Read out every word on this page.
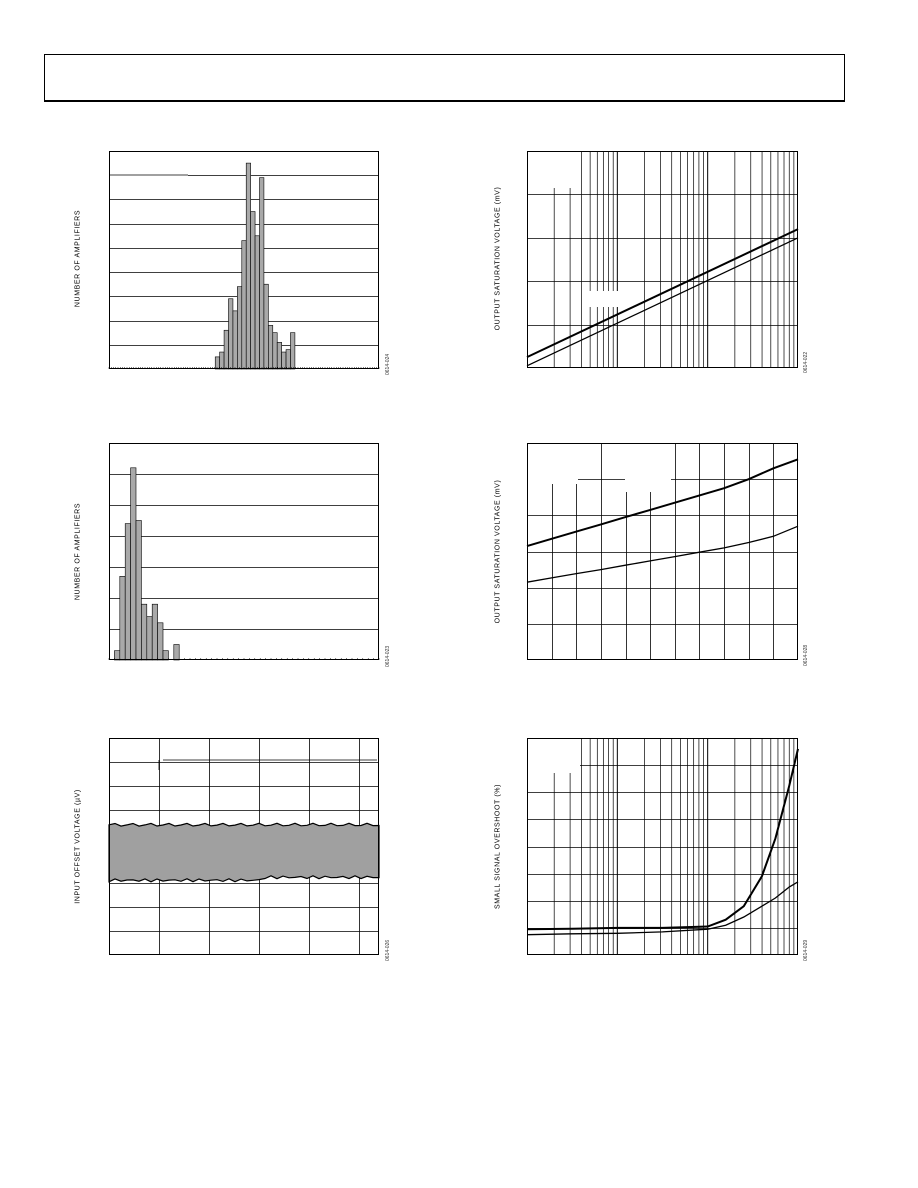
NUMBER OF AMPLIFIERS
0614-024
OUTPUT SATURATION VOLTAGE (mV)
0614-022
NUMBER OF AMPLIFIERS
0614-023
OUTPUT SATURATION VOLTAGE (mV)
0614-028
INPUT OFFSET VOLTAGE (µV)
0614-026
SMALL SIGNAL OVERSHOOT (%)
0614-029
